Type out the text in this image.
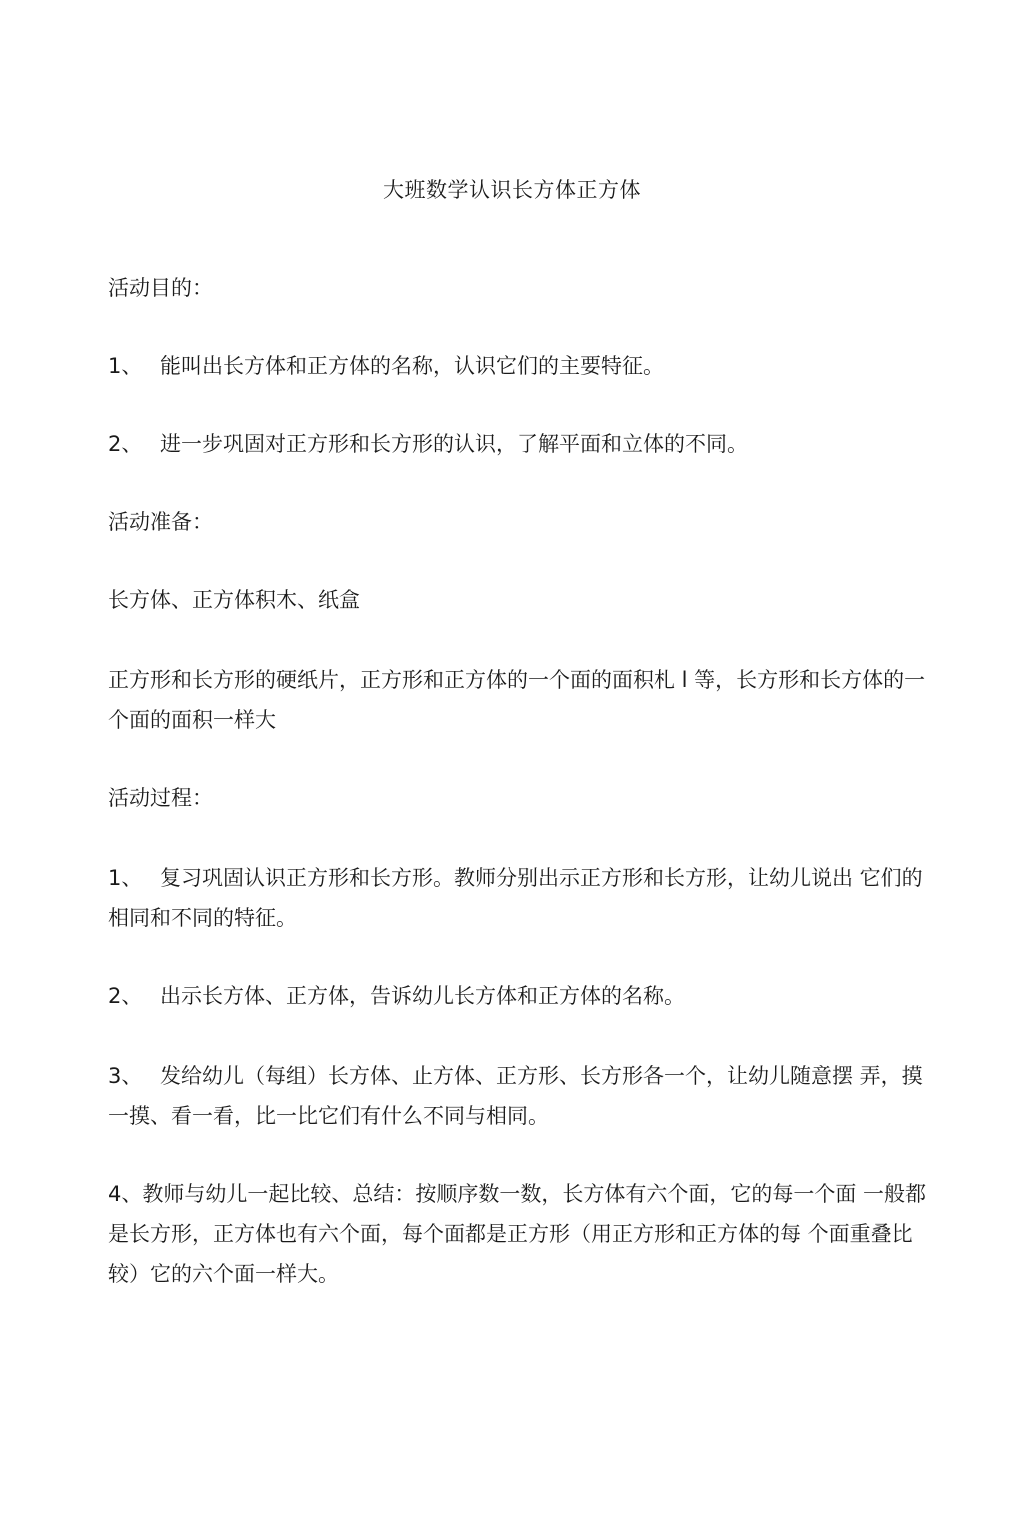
大班数学认识长方体正方体
活动目的：
1、 能叫出长方体和正方体的名称，认识它们的主要特征。
2、 进一步巩固对正方形和长方形的认识，了解平面和立体的不同。
活动准备：
长方体、正方体积木、纸盒
正方形和长方形的硬纸片，正方形和正方体的一个面的面积札 l 等，长方形和长方体的一个面的面积一样大
活动过程：
1、 复习巩固认识正方形和长方形。教师分别出示正方形和长方形，让幼儿说出 它们的相同和不同的特征。
2、 出示长方体、正方体，告诉幼儿长方体和正方体的名称。
3、 发给幼儿（每组）长方体、止方体、正方形、长方形各一个，让幼儿随意摆 弄，摸一摸、看一看，比一比它们有什么不同与相同。
4、教师与幼儿一起比较、总结：按顺序数一数，长方体有六个面，它的每一个面 一般都是长方形，正方体也有六个面，每个面都是正方形（用正方形和正方体的每 个面重叠比较）它的六个面一样大。
